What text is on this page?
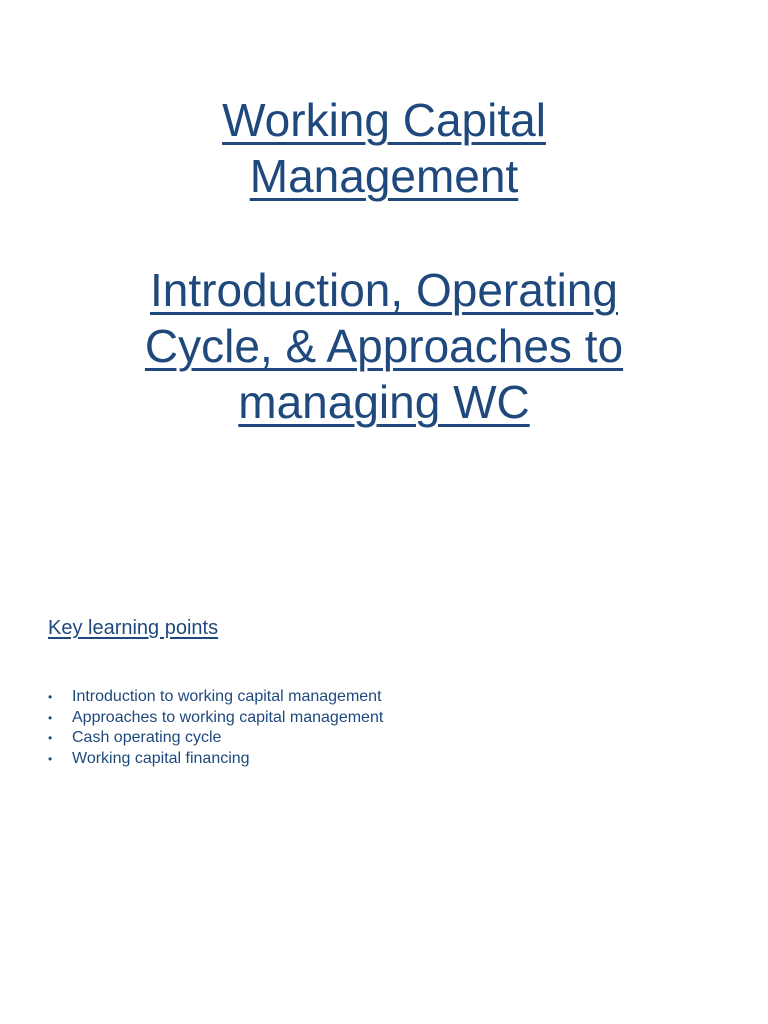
Working Capital
Management
Introduction, Operating
Cycle, & Approaches to
managing WC
Key learning points
•	Introduction to working capital management
•	Approaches to working capital management
•	Cash operating cycle
•	Working capital financing
